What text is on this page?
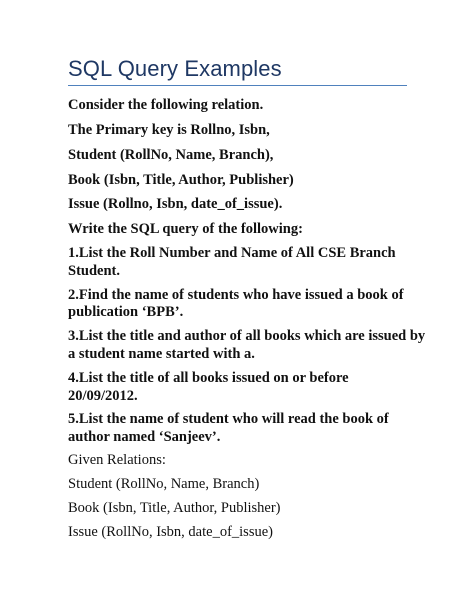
SQL Query Examples
Consider the following relation.
The Primary key is Rollno, Isbn,
Student (RollNo, Name, Branch),
Book (Isbn, Title, Author, Publisher)
Issue (Rollno, Isbn, date_of_issue).
Write the SQL query of the following:
1.List the Roll Number and Name of All CSE Branch
Student.
2.Find the name of students who have issued a book of
publication ‘BPB’.
3.List the title and author of all books which are issued by
a student name started with a.
4.List the title of all books issued on or before
20/09/2012.
5.List the name of student who will read the book of
author named ‘Sanjeev’.
Given Relations:
Student (RollNo, Name, Branch)
Book (Isbn, Title, Author, Publisher)
Issue (RollNo, Isbn, date_of_issue)
